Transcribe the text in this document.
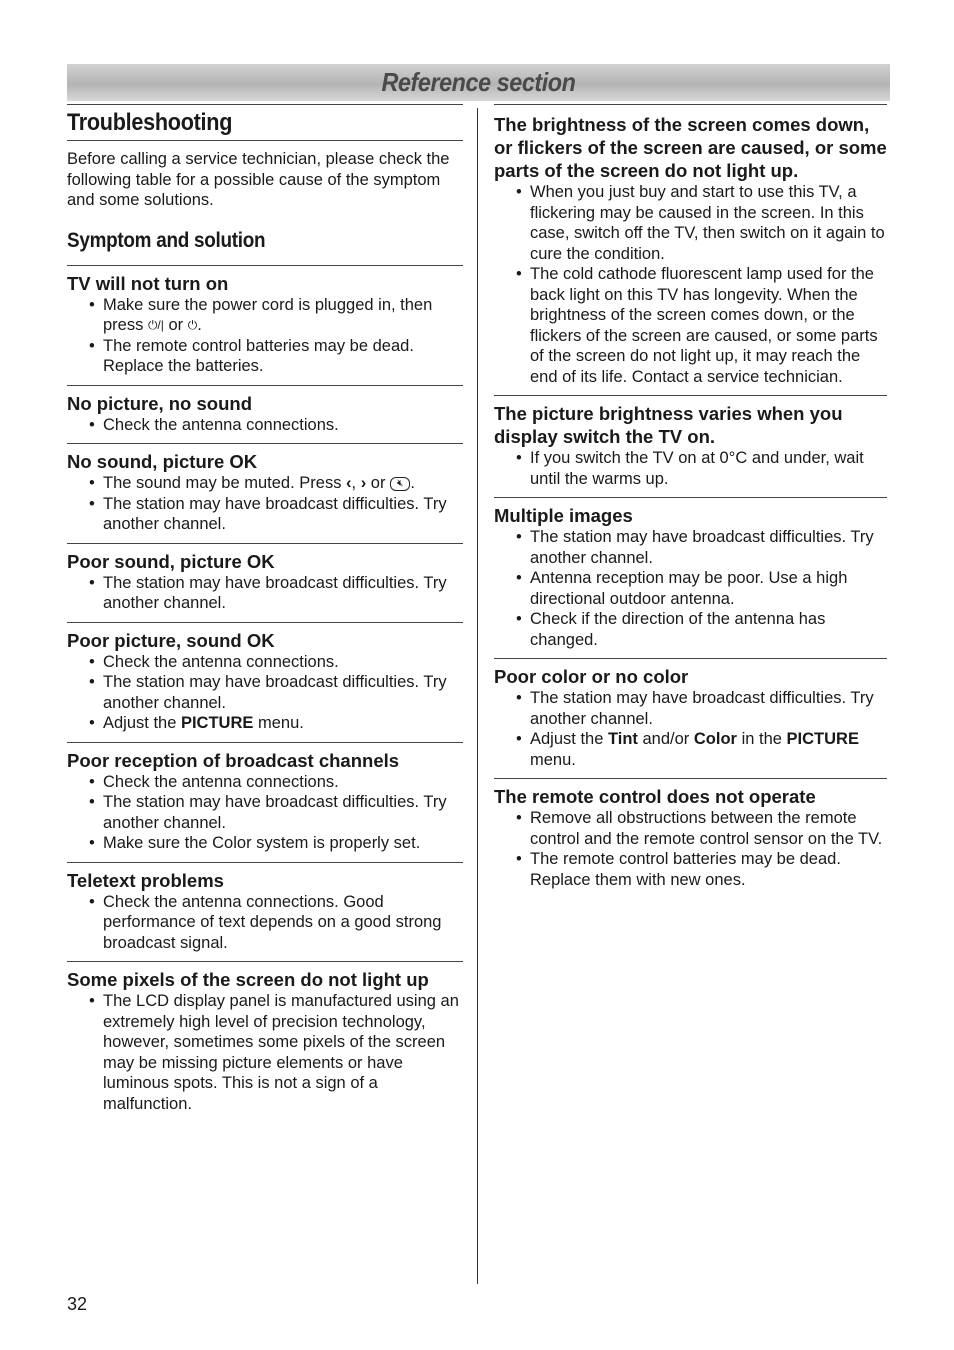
Reference section
Troubleshooting

Before calling a service technician, please check the following table for a possible cause of the symptom and some solutions.

Symptom and solution

TV will not turn on

• Make sure the power cord is plugged in, then press ⏻/| or ⏻.
• The remote control batteries may be dead. Replace the batteries.

No picture, no sound

• Check the antenna connections.

No sound, picture OK

• The sound may be muted. Press ‹, › or 🔇︎ .
• The station may have broadcast difficulties. Try another channel.

Poor sound, picture OK

• The station may have broadcast difficulties. Try another channel.

Poor picture, sound OK

• Check the antenna connections.
• The station may have broadcast difficulties. Try another channel.
• Adjust the PICTURE menu.

Poor reception of broadcast channels

• Check the antenna connections.
• The station may have broadcast difficulties. Try another channel.
• Make sure the Color system is properly set.

Teletext problems

• Check the antenna connections. Good performance of text depends on a good strong broadcast signal.

Some pixels of the screen do not light up

• The LCD display panel is manufactured using an extremely high level of precision technology, however, sometimes some pixels of the screen may be missing picture elements or have luminous spots. This is not a sign of a malfunction.

The brightness of the screen comes down, or flickers of the screen are caused, or some parts of the screen do not light up.

• When you just buy and start to use this TV, a flickering may be caused in the screen. In this case, switch off the TV, then switch on it again to cure the condition.
• The cold cathode fluorescent lamp used for the back light on this TV has longevity. When the brightness of the screen comes down, or the flickers of the screen are caused, or some parts of the screen do not light up, it may reach the end of its life. Contact a service technician.

The picture brightness varies when you display switch the TV on.

• If you switch the TV on at 0°C and under, wait until the warms up.

Multiple images

• The station may have broadcast difficulties. Try another channel.
• Antenna reception may be poor. Use a high directional outdoor antenna.
• Check if the direction of the antenna has changed.

Poor color or no color

• The station may have broadcast difficulties. Try another channel.
• Adjust the Tint and/or Color in the PICTURE menu.

The remote control does not operate

• Remove all obstructions between the remote control and the remote control sensor on the TV.
• The remote control batteries may be dead. Replace them with new ones.
32
